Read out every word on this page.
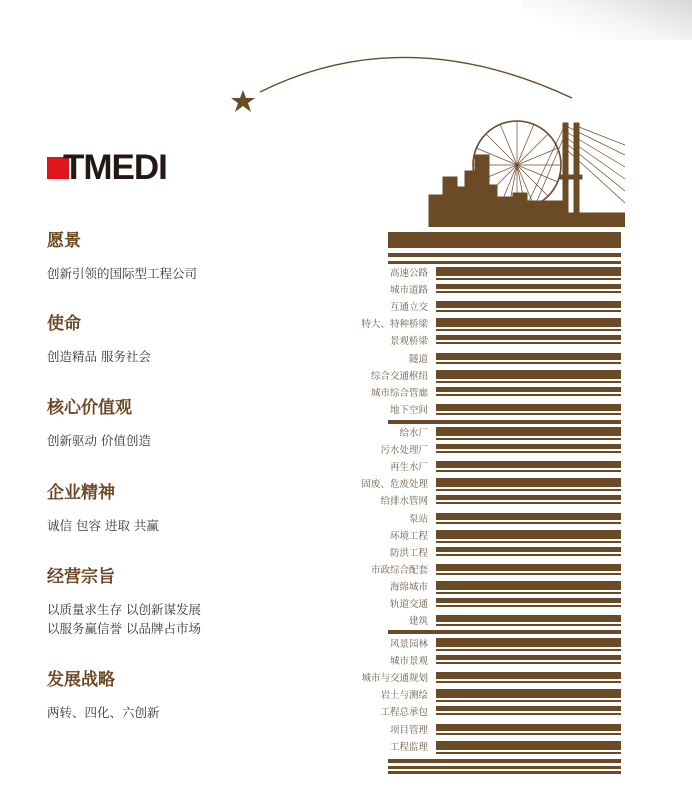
TMEDI

愿景

创新引领的国际型工程公司

使命

创造精品 服务社会

核心价值观

创新驱动 价值创造

企业精神

诚信 包容 进取 共赢

经营宗旨

以质量求生存 以创新谋发展

以服务赢信誉 以品牌占市场

发展战略

两转、四化、六创新

高速公路
城市道路
互通立交
特大、特种桥梁
景观桥梁
隧道
综合交通枢纽
城市综合管廊
地下空间
给水厂
污水处理厂
再生水厂
固废、危废处理
给排水管网
泵站
环境工程
防洪工程
市政综合配套
海绵城市
轨道交通
建筑
风景园林
城市景观
城市与交通规划
岩土与测绘
工程总承包
项目管理
工程监理
